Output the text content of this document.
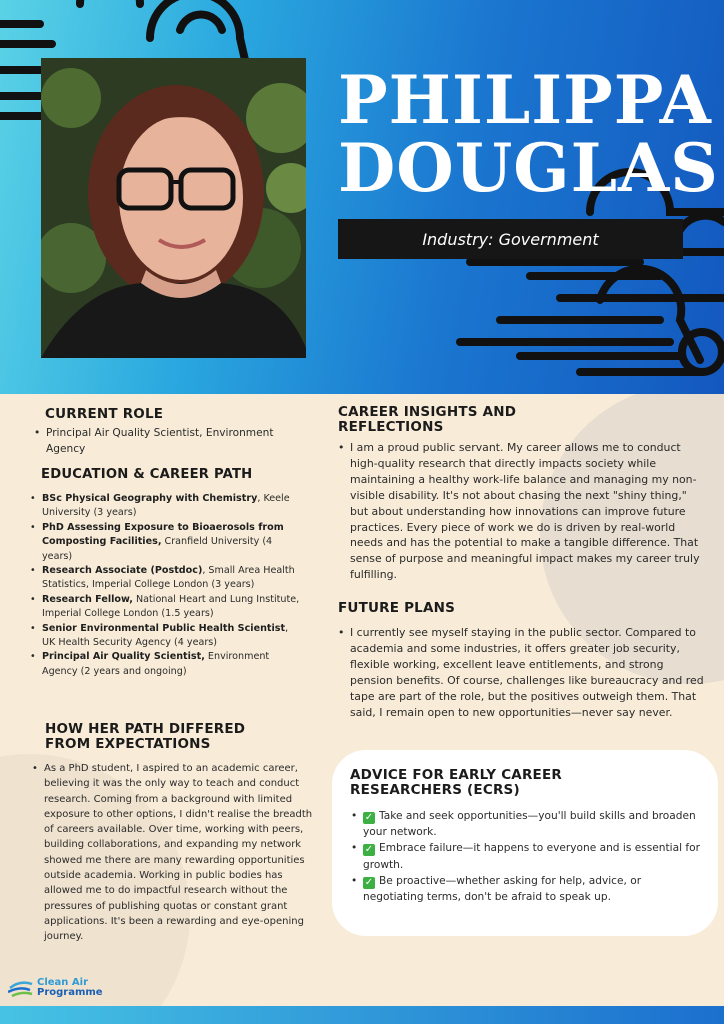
PHILIPPA
DOUGLAS
Industry: Government
CURRENT ROLE
• Principal Air Quality Scientist, Environment Agency
EDUCATION & CAREER PATH
• BSc Physical Geography with Chemistry, Keele University (3 years)
• PhD Assessing Exposure to Bioaerosols from Composting Facilities, Cranfield University (4 years)
• Research Associate (Postdoc), Small Area Health Statistics, Imperial College London (3 years)
• Research Fellow, National Heart and Lung Institute, Imperial College London (1.5 years)
• Senior Environmental Public Health Scientist, UK Health Security Agency (4 years)
• Principal Air Quality Scientist, Environment Agency (2 years and ongoing)
HOW HER PATH DIFFERED
FROM EXPECTATIONS
• As a PhD student, I aspired to an academic career, believing it was the only way to teach and conduct research. Coming from a background with limited exposure to other options, I didn't realise the breadth of careers available. Over time, working with peers, building collaborations, and expanding my network showed me there are many rewarding opportunities outside academia. Working in public bodies has allowed me to do impactful research without the pressures of publishing quotas or constant grant applications. It's been a rewarding and eye-opening journey.
CAREER INSIGHTS AND
REFLECTIONS
• I am a proud public servant. My career allows me to conduct high-quality research that directly impacts society while maintaining a healthy work-life balance and managing my non-visible disability. It's not about chasing the next "shiny thing," but about understanding how innovations can improve future practices. Every piece of work we do is driven by real-world needs and has the potential to make a tangible difference. That sense of purpose and meaningful impact makes my career truly fulfilling.
FUTURE PLANS
• I currently see myself staying in the public sector. Compared to academia and some industries, it offers greater job security, flexible working, excellent leave entitlements, and strong pension benefits. Of course, challenges like bureaucracy and red tape are part of the role, but the positives outweigh them. That said, I remain open to new opportunities—never say never.
ADVICE FOR EARLY CAREER
RESEARCHERS (ECRS)
• ✓ Take and seek opportunities—you'll build skills and broaden your network.
• ✓ Embrace failure—it happens to everyone and is essential for growth.
• ✓ Be proactive—whether asking for help, advice, or negotiating terms, don't be afraid to speak up.
Clean Air
Programme
